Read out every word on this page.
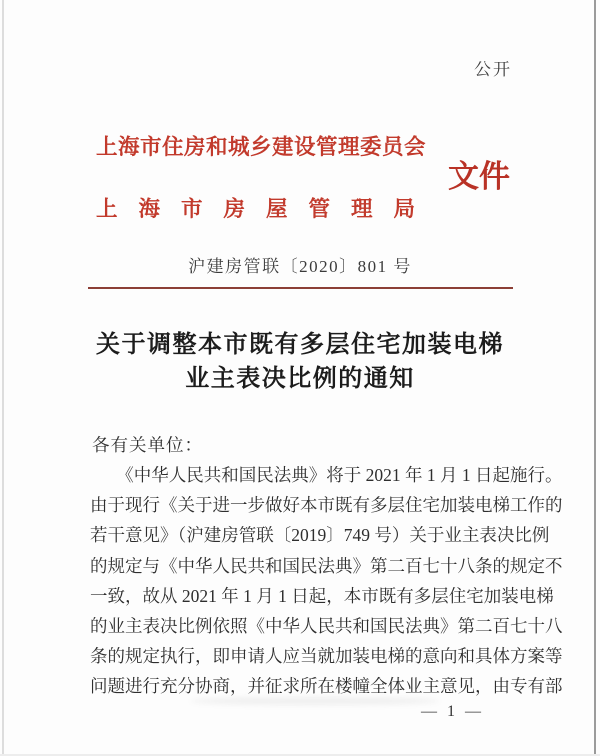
公开
上海市住房和城乡建设管理委员会
文件
上海市房屋管理局
沪建房管联〔2020〕801 号
关于调整本市既有多层住宅加装电梯
业主表决比例的通知
各有关单位：
　　《中华人民共和国民法典》将于 2021 年 1 月 1 日起施行。
由于现行《关于进一步做好本市既有多层住宅加装电梯工作的
若干意见》（沪建房管联〔2019〕749 号）关于业主表决比例
的规定与《中华人民共和国民法典》第二百七十八条的规定不
一致，故从 2021 年 1 月 1 日起，本市既有多层住宅加装电梯
的业主表决比例依照《中华人民共和国民法典》第二百七十八
条的规定执行，即申请人应当就加装电梯的意向和具体方案等
问题进行充分协商，并征求所在楼幢全体业主意见，由专有部
— 1 —
